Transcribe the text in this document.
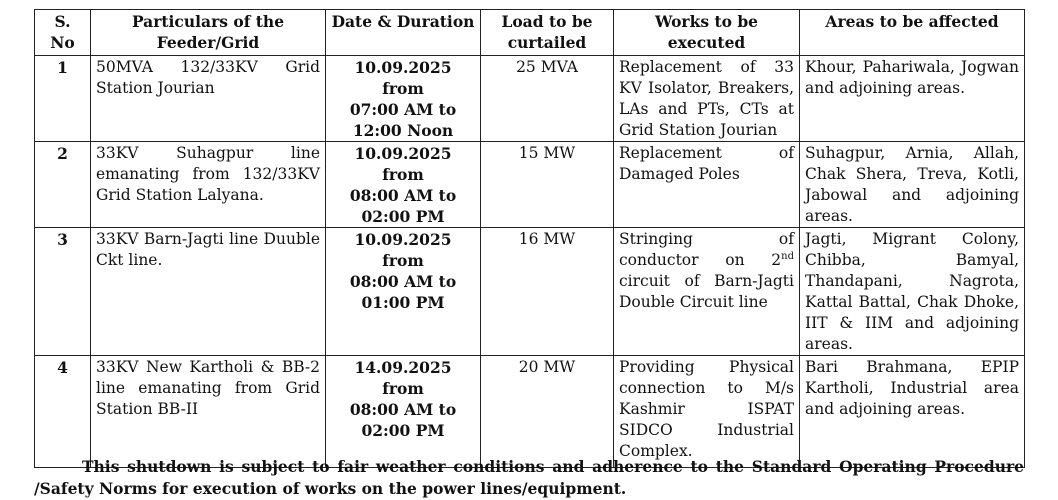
S. No	Particulars of the Feeder/Grid	Date & Duration	Load to be curtailed	Works to be executed	Areas to be affected
1	50MVA 132/33KV Grid Station Jourian	10.09.2025 from
07:00 AM to
12:00 Noon	25 MVA	Replacement of 33 KV Isolator, Breakers, LAs and PTs, CTs at Grid Station Jourian	Khour, Pahariwala, Jogwan and adjoining areas.
2	33KV Suhagpur line emanating from 132/33KV Grid Station Lalyana.	10.09.2025 from
08:00 AM to
02:00 PM	15 MW	Replacement of Damaged Poles	Suhagpur, Arnia, Allah, Chak Shera, Treva, Kotli, Jabowal and adjoining areas.
3	33KV Barn-Jagti line Duuble Ckt line.	10.09.2025 from
08:00 AM to
01:00 PM	16 MW	Stringing of conductor on 2nd circuit of Barn-Jagti Double Circuit line	Jagti, Migrant Colony, Chibba, Bamyal, Thandapani, Nagrota, Kattal Battal, Chak Dhoke, IIT & IIM and adjoining areas.
4	33KV New Kartholi & BB-2 line emanating from Grid Station BB-II	14.09.2025 from
08:00 AM to
02:00 PM	20 MW	Providing Physical connection to M/s Kashmir ISPAT SIDCO Industrial Complex.	Bari Brahmana, EPIP Kartholi, Industrial area and adjoining areas.

This shutdown is subject to fair weather conditions and adherence to the Standard Operating Procedure /Safety Norms for execution of works on the power lines/equipment.
